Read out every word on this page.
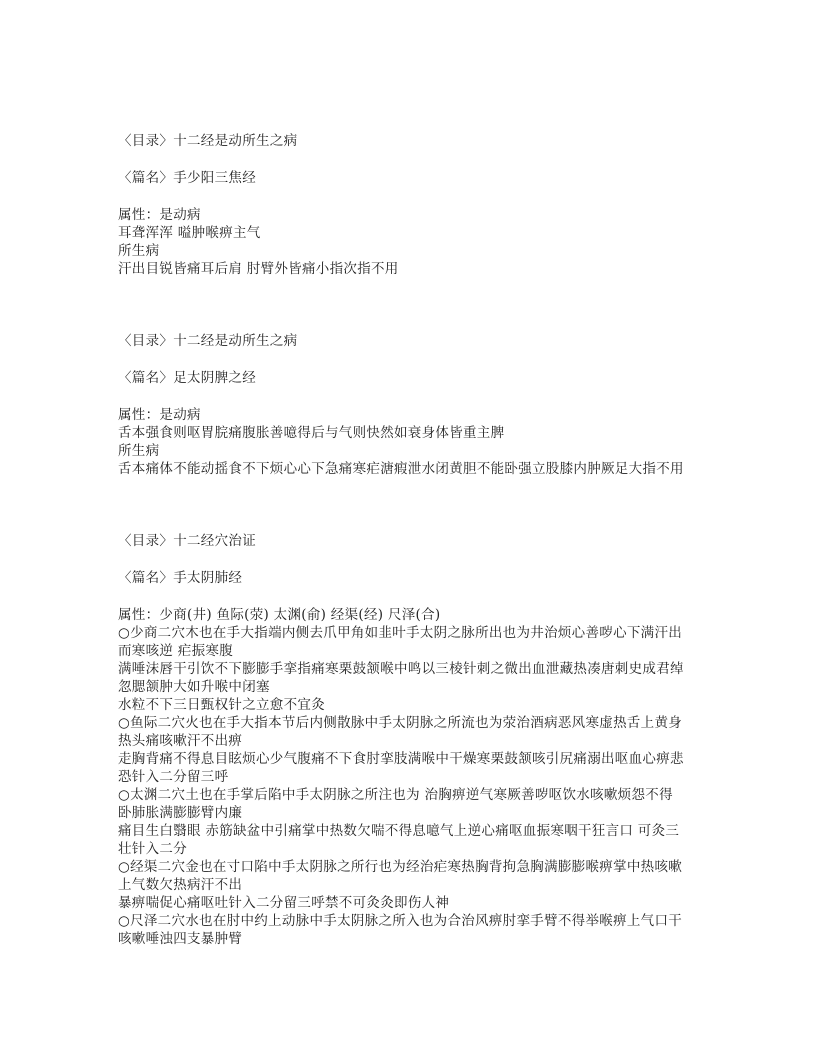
〈目录〉十二经是动所生之病
〈篇名〉手少阳三焦经
属性：是动病
耳聋浑浑 嗌肿喉痹主气
所生病
汗出目锐皆痛耳后肩 肘臂外皆痛小指次指不用
〈目录〉十二经是动所生之病
〈篇名〉足太阴脾之经
属性：是动病
舌本强食则呕胃脘痛腹胀善噫得后与气则快然如衰身体皆重主脾
所生病
舌本痛体不能动摇食不下烦心心下急痛寒疟溏瘕泄水闭黄胆不能卧强立股膝内肿厥足大指不用
〈目录〉十二经穴治证
〈篇名〉手太阴肺经
属性：少商(井) 鱼际(荥) 太渊(俞) 经渠(经) 尺泽(合)
○少商二穴木也在手大指端内侧去爪甲角如韭叶手太阴之脉所出也为井治烦心善哕心下满汗出
而寒咳逆 疟振寒腹
满唾沫唇干引饮不下膨膨手挛指痛寒栗鼓颔喉中鸣以三棱针刺之微出血泄藏热凑唐刺史成君绰
忽腮颔肿大如升喉中闭塞
水粒不下三日甄权针之立愈不宜灸
○鱼际二穴火也在手大指本节后内侧散脉中手太阴脉之所流也为荥治酒病恶风寒虚热舌上黄身
热头痛咳嗽汗不出痹
走胸背痛不得息目眩烦心少气腹痛不下食肘挛肢满喉中干燥寒栗鼓颔咳引尻痛溺出呕血心痹悲
恐针入二分留三呼
○太渊二穴土也在手掌后陷中手太阴脉之所注也为 治胸痹逆气寒厥善哕呕饮水咳嗽烦怨不得
卧肺胀满膨膨臂内廉
痛目生白翳眼 赤筋缺盆中引痛掌中热数欠喘不得息噫气上逆心痛呕血振寒咽干狂言口 可灸三
壮针入二分
○经渠二穴金也在寸口陷中手太阴脉之所行也为经治疟寒热胸背拘急胸满膨膨喉痹掌中热咳嗽
上气数欠热病汗不出
暴痹喘促心痛呕吐针入二分留三呼禁不可灸灸即伤人神
○尺泽二穴水也在肘中约上动脉中手太阴脉之所入也为合治风痹肘挛手臂不得举喉痹上气口干
咳嗽唾浊四支暴肿臂
